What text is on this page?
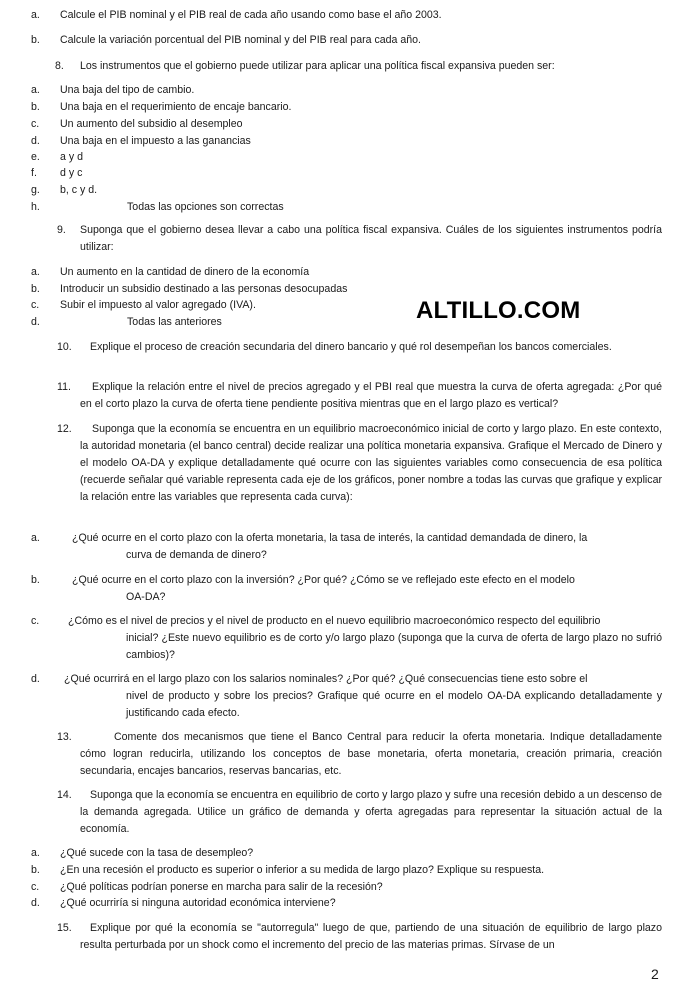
a. Calcule el PIB nominal y el PIB real de cada año usando como base el año 2003.
b. Calcule la variación porcentual del PIB nominal y del PIB real para cada año.
8. Los instrumentos que el gobierno puede utilizar para aplicar una política fiscal expansiva pueden ser:
a. Una baja del tipo de cambio.
b. Una baja en el requerimiento de encaje bancario.
c. Un aumento del subsidio al desempleo
d. Una baja en el impuesto a las ganancias
e. a y d
f. d y c
g. b, c y d.
h.	Todas las opciones son correctas
9. Suponga que el gobierno desea llevar a cabo una política fiscal expansiva. Cuáles de los siguientes instrumentos podría utilizar:
a. Un aumento en la cantidad de dinero de la economía
b. Introducir un subsidio destinado a las personas desocupadas
c. Subir el impuesto al valor agregado (IVA).
d.	Todas las anteriores	ALTILLO.COM
10.	Explique el proceso de creación secundaria del dinero bancario y qué rol desempeñan los bancos comerciales.
11.	Explique la relación entre el nivel de precios agregado y el PBI real que muestra la curva de oferta agregada: ¿Por qué en el corto plazo la curva de oferta tiene pendiente positiva mientras que en el largo plazo es vertical?
12.	Suponga que la economía se encuentra en un equilibrio macroeconómico inicial de corto y largo plazo. En este contexto, la autoridad monetaria (el banco central) decide realizar una política monetaria expansiva. Grafique el Mercado de Dinero y el modelo OA-DA y explique detalladamente qué ocurre con las siguientes variables como consecuencia de esa política (recuerde señalar qué variable representa cada eje de los gráficos, poner nombre a todas las curvas que grafique y explicar la relación entre las variables que representa cada curva):
a.	¿Qué ocurre en el corto plazo con la oferta monetaria, la tasa de interés, la cantidad demandada de dinero, la
curva de demanda de dinero?
b.	¿Qué ocurre en el corto plazo con la inversión? ¿Por qué? ¿Cómo se ve reflejado este efecto en el modelo
OA-DA?
c.	¿Cómo es el nivel de precios y el nivel de producto en el nuevo equilibrio macroeconómico respecto del equilibrio
inicial? ¿Este nuevo equilibrio es de corto y/o largo plazo (suponga que la curva de oferta de largo plazo no sufrió cambios)?
d. ¿Qué ocurrirá en el largo plazo con los salarios nominales? ¿Por qué? ¿Qué consecuencias tiene esto sobre el
nivel de producto y sobre los precios? Grafique qué ocurre en el modelo OA-DA explicando detalladamente y justificando cada efecto.
13.	Comente dos mecanismos que tiene el Banco Central para reducir la oferta monetaria. Indique detalladamente cómo logran reducirla, utilizando los conceptos de base monetaria, oferta monetaria, creación primaria, creación secundaria, encajes bancarios, reservas bancarias, etc.
14.	Suponga que la economía se encuentra en equilibrio de corto y largo plazo y sufre una recesión debido a un descenso de la demanda agregada. Utilice un gráfico de demanda y oferta agregadas para representar la situación actual de la economía.
a. ¿Qué sucede con la tasa de desempleo?
b. ¿En una recesión el producto es superior o inferior a su medida de largo plazo? Explique su respuesta.
c. ¿Qué políticas podrían ponerse en marcha para salir de la recesión?
d. ¿Qué ocurriría si ninguna autoridad económica interviene?
15.	Explique por qué la economía se "autorregula" luego de que, partiendo de una situación de equilibrio de largo plazo resulta perturbada por un shock como el incremento del precio de las materias primas. Sírvase de un
2
